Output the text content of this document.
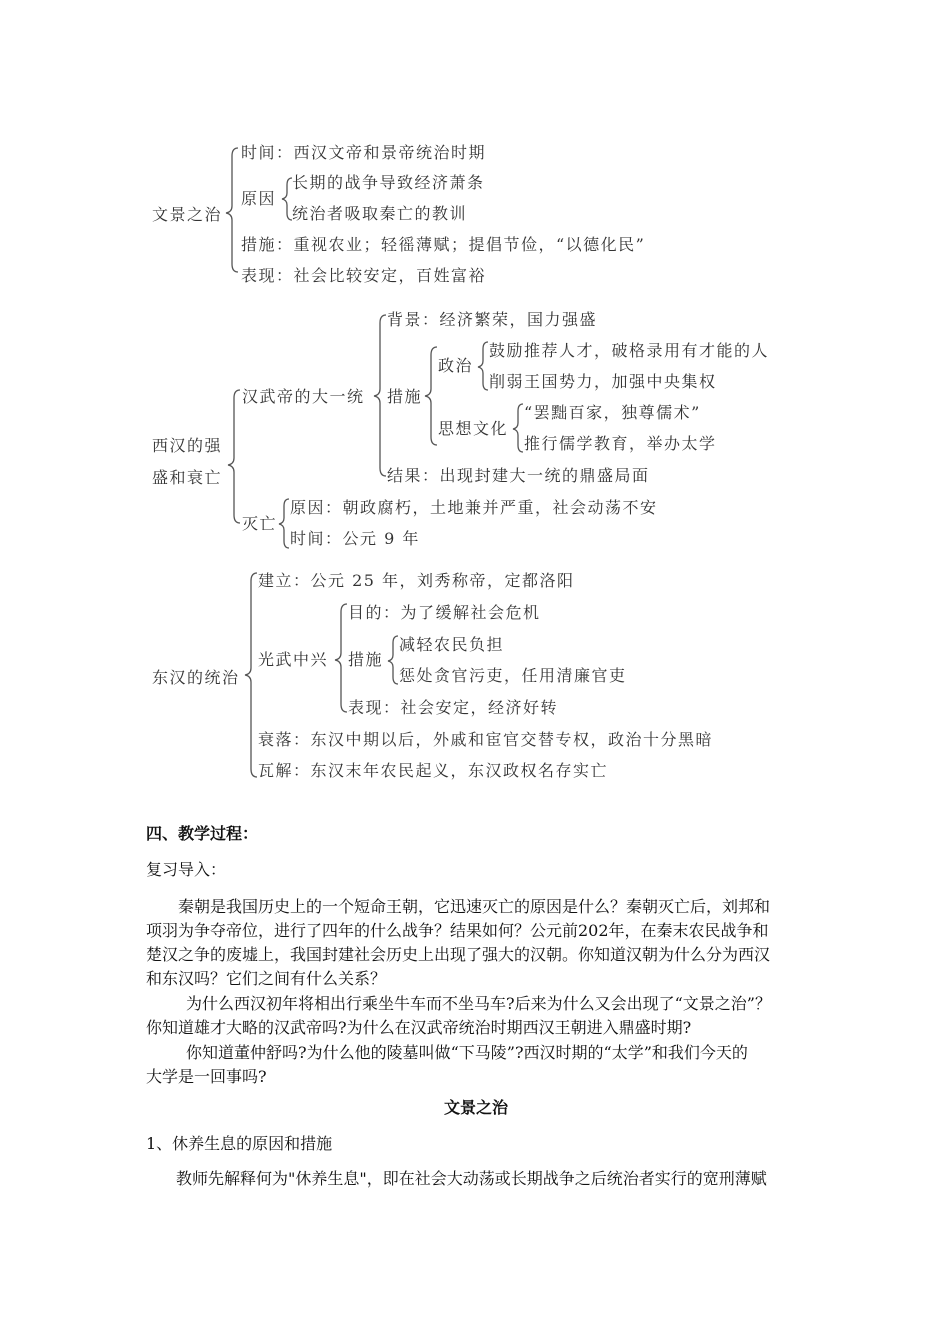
文景之治
时间：西汉文帝和景帝统治时期
原因
长期的战争导致经济萧条
统治者吸取秦亡的教训
措施：重视农业；轻徭薄赋；提倡节俭，“以德化民”
表现：社会比较安定，百姓富裕
西汉的强
盛和衰亡
汉武帝的大一统
背景：经济繁荣，国力强盛
措施
政治
鼓励推荐人才，破格录用有才能的人
削弱王国势力，加强中央集权
思想文化
“罢黜百家，独尊儒术”
推行儒学教育，举办太学
结果：出现封建大一统的鼎盛局面
灭亡
原因：朝政腐朽，土地兼并严重，社会动荡不安
时间：公元 9 年
东汉的统治
建立：公元 25 年，刘秀称帝，定都洛阳
光武中兴
目的：为了缓解社会危机
措施
减轻农民负担
惩处贪官污吏，任用清廉官吏
表现：社会安定，经济好转
衰落：东汉中期以后，外戚和宦官交替专权，政治十分黑暗
瓦解：东汉末年农民起义，东汉政权名存实亡
四、教学过程：
复习导入：
秦朝是我国历史上的一个短命王朝，它迅速灭亡的原因是什么？秦朝灭亡后，刘邦和
项羽为争夺帝位，进行了四年的什么战争？结果如何？公元前202年，在秦末农民战争和
楚汉之争的废墟上，我国封建社会历史上出现了强大的汉朝。你知道汉朝为什么分为西汉
和东汉吗？它们之间有什么关系？
为什么西汉初年将相出行乘坐牛车而不坐马车?后来为什么又会出现了“文景之治”？
你知道雄才大略的汉武帝吗?为什么在汉武帝统治时期西汉王朝进入鼎盛时期?
你知道董仲舒吗?为什么他的陵墓叫做“下马陵”?西汉时期的“太学”和我们今天的
大学是一回事吗?
文景之治
1、休养生息的原因和措施
教师先解释何为"休养生息"，即在社会大动荡或长期战争之后统治者实行的宽刑薄赋
